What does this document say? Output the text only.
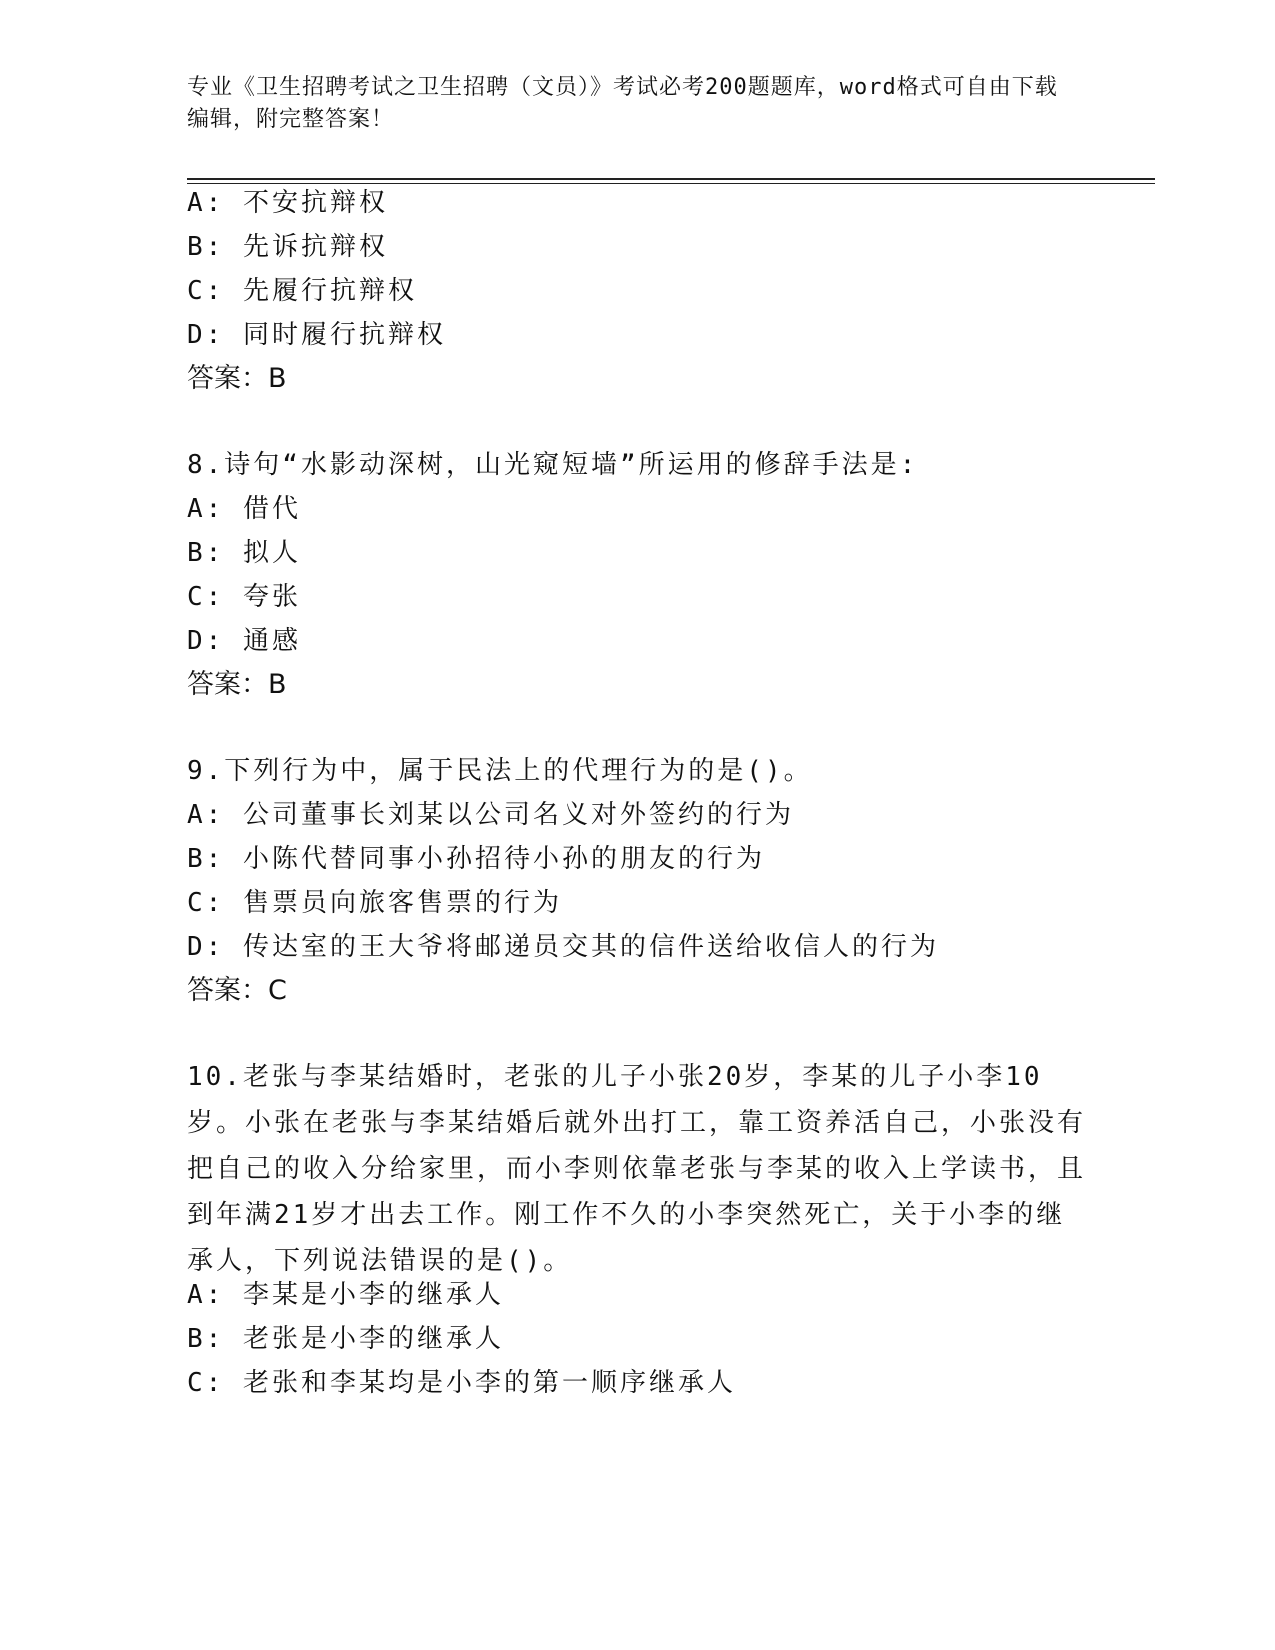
专业《卫生招聘考试之卫生招聘（文员）》考试必考200题题库，word格式可自由下载编辑，附完整答案！
A: 不安抗辩权
B: 先诉抗辩权
C: 先履行抗辩权
D: 同时履行抗辩权
答案：B
8.诗句“水影动深树，山光窥短墙”所运用的修辞手法是:
A: 借代
B: 拟人
C: 夸张
D: 通感
答案：B
9.下列行为中，属于民法上的代理行为的是()。
A: 公司董事长刘某以公司名义对外签约的行为
B: 小陈代替同事小孙招待小孙的朋友的行为
C: 售票员向旅客售票的行为
D: 传达室的王大爷将邮递员交其的信件送给收信人的行为
答案：C
10.老张与李某结婚时，老张的儿子小张20岁，李某的儿子小李10岁。小张在老张与李某结婚后就外出打工，靠工资养活自己，小张没有把自己的收入分给家里，而小李则依靠老张与李某的收入上学读书，且到年满21岁才出去工作。刚工作不久的小李突然死亡，关于小李的继承人，下列说法错误的是()。
A: 李某是小李的继承人
B: 老张是小李的继承人
C: 老张和李某均是小李的第一顺序继承人
